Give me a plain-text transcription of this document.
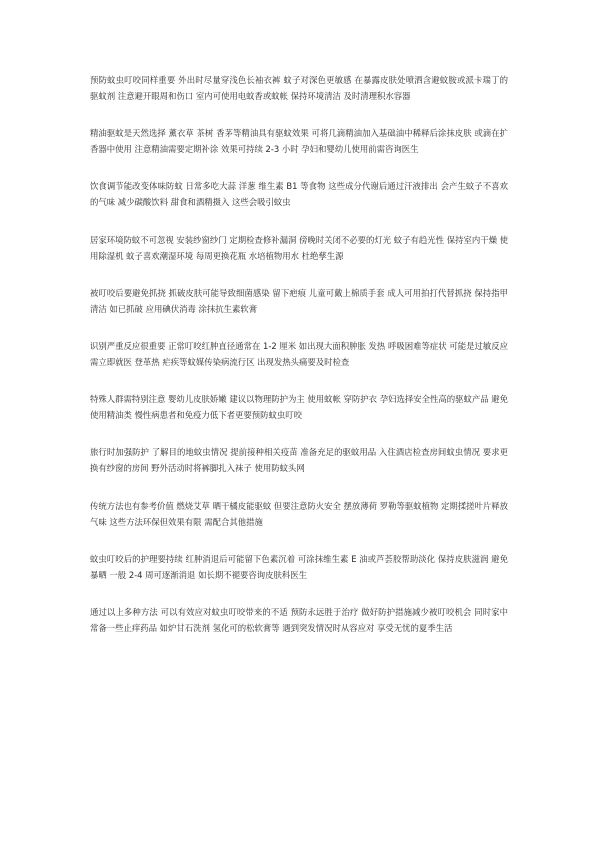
预防蚊虫叮咬同样重要 外出时尽量穿浅色长袖衣裤 蚊子对深色更敏感 在暴露皮肤处喷洒含避蚊胺或派卡瑞丁的驱蚊剂 注意避开眼周和伤口 室内可使用电蚊香或蚊帐 保持环境清洁 及时清理积水容器

精油驱蚊是天然选择 薰衣草 茶树 香茅等精油具有驱蚊效果 可将几滴精油加入基础油中稀释后涂抹皮肤 或滴在扩香器中使用 注意精油需要定期补涂 效果可持续 2-3 小时 孕妇和婴幼儿使用前需咨询医生

饮食调节能改变体味防蚊 日常多吃大蒜 洋葱 维生素 B1 等食物 这些成分代谢后通过汗液排出 会产生蚊子不喜欢的气味 减少碳酸饮料 甜食和酒精摄入 这些会吸引蚊虫

居家环境防蚊不可忽视 安装纱窗纱门 定期检查修补漏洞 傍晚时关闭不必要的灯光 蚊子有趋光性 保持室内干燥 使用除湿机 蚊子喜欢潮湿环境 每周更换花瓶 水培植物用水 杜绝孳生源

被叮咬后要避免抓挠 抓破皮肤可能导致细菌感染 留下疤痕 儿童可戴上棉质手套 成人可用拍打代替抓挠 保持指甲清洁 如已抓破 应用碘伏消毒 涂抹抗生素软膏

识别严重反应很重要 正常叮咬红肿直径通常在 1-2 厘米 如出现大面积肿胀 发热 呼吸困难等症状 可能是过敏反应 需立即就医 登革热 疟疾等蚊媒传染病流行区 出现发热头痛要及时检查

特殊人群需特别注意 婴幼儿皮肤娇嫩 建议以物理防护为主 使用蚊帐 穿防护衣 孕妇选择安全性高的驱蚊产品 避免使用精油类 慢性病患者和免疫力低下者更要预防蚊虫叮咬

旅行时加强防护 了解目的地蚊虫情况 提前接种相关疫苗 准备充足的驱蚊用品 入住酒店检查房间蚊虫情况 要求更换有纱窗的房间 野外活动时将裤脚扎入袜子 使用防蚊头网

传统方法也有参考价值 燃烧艾草 晒干橘皮能驱蚊 但要注意防火安全 摆放薄荷 罗勒等驱蚊植物 定期揉搓叶片释放气味 这些方法环保但效果有限 需配合其他措施

蚊虫叮咬后的护理要持续 红肿消退后可能留下色素沉着 可涂抹维生素 E 油或芦荟胶帮助淡化 保持皮肤滋润 避免暴晒 一般 2-4 周可逐渐消退 如长期不褪要咨询皮肤科医生

通过以上多种方法 可以有效应对蚊虫叮咬带来的不适 预防永远胜于治疗 做好防护措施减少被叮咬机会 同时家中常备一些止痒药品 如炉甘石洗剂 氢化可的松软膏等 遇到突发情况时从容应对 享受无忧的夏季生活
